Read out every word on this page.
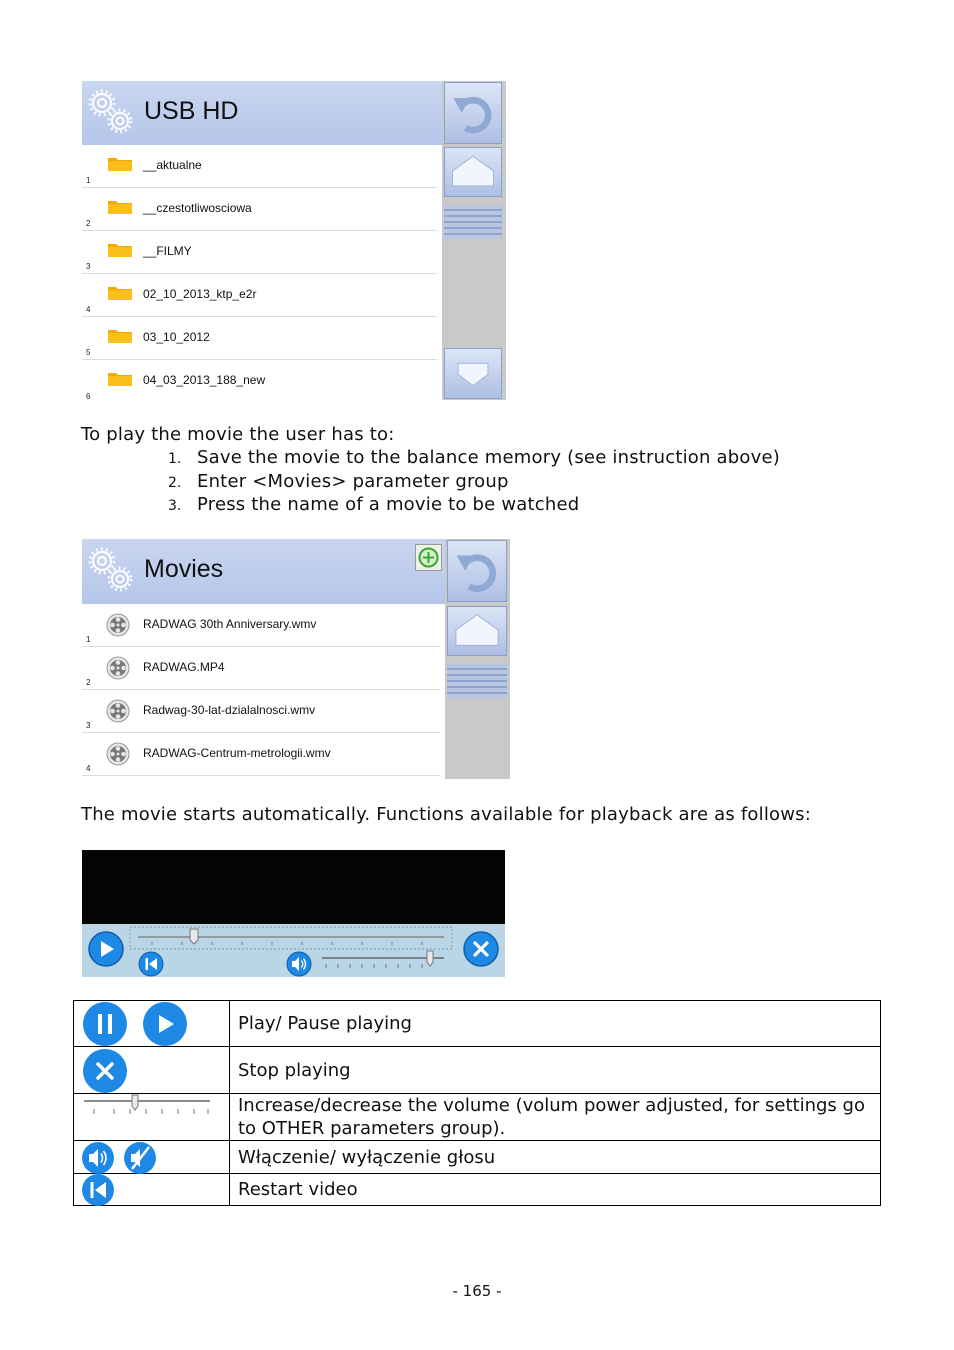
USB HD
__aktualne
1
__czestotliwosciowa
2
__FILMY
3
02_10_2013_ktp_e2r
4
03_10_2012
5
04_03_2013_188_new
6
To play the movie the user has to:
1. Save the movie to the balance memory (see instruction above)
2. Enter <Movies> parameter group
3. Press the name of a movie to be watched
Movies
RADWAG 30th Anniversary.wmv
1
RADWAG.MP4
2
Radwag-30-lat-dzialalnosci.wmv
3
RADWAG-Centrum-metrologii.wmv
4
The movie starts automatically. Functions available for playback are as follows:
	Play/ Pause playing

	Stop playing

	Increase/decrease the volume (volum power adjusted, for settings go to OTHER parameters group).

	Włączenie/ wyłączenie głosu

	Restart video
- 165 -
